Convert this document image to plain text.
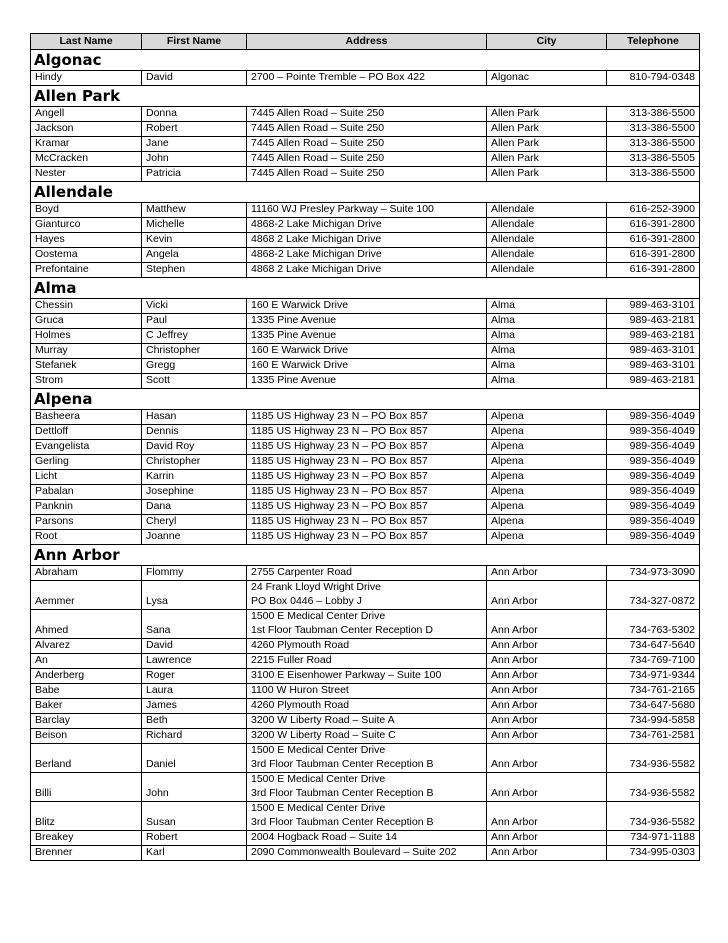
Last Name	First Name	Address	City	Telephone
Algonac				
Hindy	David	2700 – Pointe Tremble – PO Box 422	Algonac	810-794-0348
Allen Park				
Angell	Donna	7445 Allen Road – Suite 250	Allen Park	313-386-5500
Jackson	Robert	7445 Allen Road – Suite 250	Allen Park	313-386-5500
Kramar	Jane	7445 Allen Road – Suite 250	Allen Park	313-386-5500
McCracken	John	7445 Allen Road – Suite 250	Allen Park	313-386-5505
Nester	Patricia	7445 Allen Road – Suite 250	Allen Park	313-386-5500
Allendale				
Boyd	Matthew	11160 WJ Presley Parkway – Suite 100	Allendale	616-252-3900
Gianturco	Michelle	4868-2 Lake Michigan Drive	Allendale	616-391-2800
Hayes	Kevin	4868 2 Lake Michigan Drive	Allendale	616-391-2800
Oostema	Angela	4868-2 Lake Michigan Drive	Allendale	616-391-2800
Prefontaine	Stephen	4868 2 Lake Michigan Drive	Allendale	616-391-2800
Alma				
Chessin	Vicki	160 E Warwick Drive	Alma	989-463-3101
Gruca	Paul	1335 Pine Avenue	Alma	989-463-2181
Holmes	C Jeffrey	1335 Pine Avenue	Alma	989-463-2181
Murray	Christopher	160 E Warwick Drive	Alma	989-463-3101
Stefanek	Gregg	160 E Warwick Drive	Alma	989-463-3101
Strom	Scott	1335 Pine Avenue	Alma	989-463-2181
Alpena				
Basheera	Hasan	1185 US Highway 23 N – PO Box 857	Alpena	989-356-4049
Dettloff	Dennis	1185 US Highway 23 N – PO Box 857	Alpena	989-356-4049
Evangelista	David Roy	1185 US Highway 23 N – PO Box 857	Alpena	989-356-4049
Gerling	Christopher	1185 US Highway 23 N – PO Box 857	Alpena	989-356-4049
Licht	Karrin	1185 US Highway 23 N – PO Box 857	Alpena	989-356-4049
Pabalan	Josephine	1185 US Highway 23 N – PO Box 857	Alpena	989-356-4049
Panknin	Dana	1185 US Highway 23 N – PO Box 857	Alpena	989-356-4049
Parsons	Cheryl	1185 US Highway 23 N – PO Box 857	Alpena	989-356-4049
Root	Joanne	1185 US Highway 23 N – PO Box 857	Alpena	989-356-4049
Ann Arbor				
Abraham	Flommy	2755 Carpenter Road	Ann Arbor	734-973-3090
Aemmer	Lysa	24 Frank Lloyd Wright Drive
PO Box 0446 – Lobby J	Ann Arbor	734-327-0872
Ahmed	Sana	1500 E Medical Center Drive
1st Floor Taubman Center Reception D	Ann Arbor	734-763-5302
Alvarez	David	4260 Plymouth Road	Ann Arbor	734-647-5640
An	Lawrence	2215 Fuller Road	Ann Arbor	734-769-7100
Anderberg	Roger	3100 E Eisenhower Parkway – Suite 100	Ann Arbor	734-971-9344
Babe	Laura	1100 W Huron Street	Ann Arbor	734-761-2165
Baker	James	4260 Plymouth Road	Ann Arbor	734-647-5680
Barclay	Beth	3200 W Liberty Road – Suite A	Ann Arbor	734-994-5858
Beison	Richard	3200 W Liberty Road – Suite C	Ann Arbor	734-761-2581
Berland	Daniel	1500 E Medical Center Drive
3rd Floor Taubman Center Reception B	Ann Arbor	734-936-5582
Billi	John	1500 E Medical Center Drive
3rd Floor Taubman Center Reception B	Ann Arbor	734-936-5582
Blitz	Susan	1500 E Medical Center Drive
3rd Floor Taubman Center Reception B	Ann Arbor	734-936-5582
Breakey	Robert	2004 Hogback Road – Suite 14	Ann Arbor	734-971-1188
Brenner	Karl	2090 Commonwealth Boulevard – Suite 202	Ann Arbor	734-995-0303
